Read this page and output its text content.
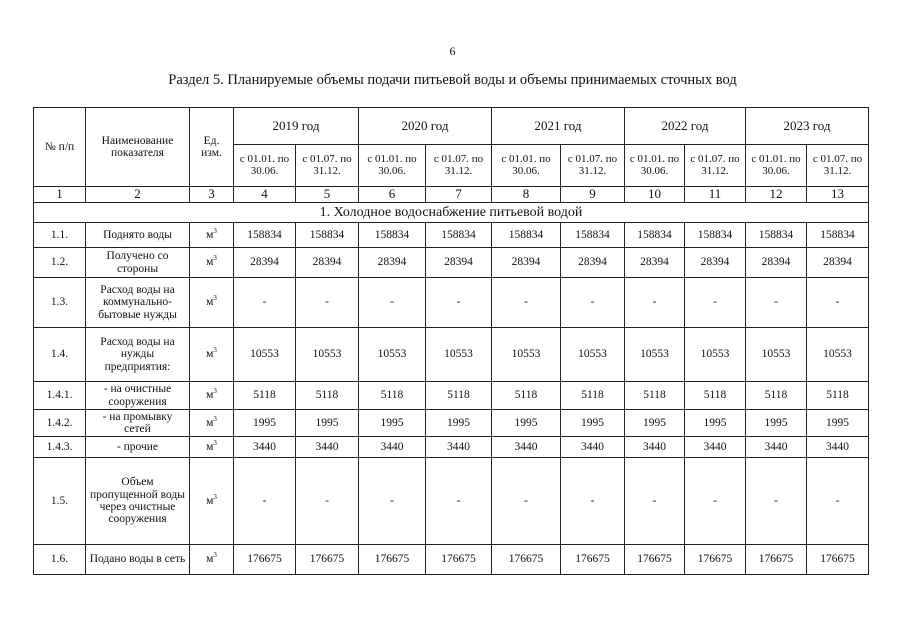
6
Раздел 5. Планируемые объемы подачи питьевой воды и объемы принимаемых сточных вод
№ п/п	Наименование показателя	Ед. изм.	2019 год		2020 год		2021 год		2022 год		2023 год	
			с 01.01. по 30.06.	с 01.07. по 31.12.	с 01.01. по 30.06.	с 01.07. по 31.12.	с 01.01. по 30.06.	с 01.07. по 31.12.	с 01.01. по 30.06.	с 01.07. по 31.12.	с 01.01. по 30.06.	с 01.07. по 31.12.
1	2	3	4	5	6	7	8	9	10	11	12	13
1. Холодное водоснабжение питьевой водой												
1.1.	Поднято воды	$м^3$	158834	158834	158834	158834	158834	158834	158834	158834	158834	158834
1.2.	Получено со стороны	$м^3$	28394	28394	28394	28394	28394	28394	28394	28394	28394	28394
1.3.	Расход воды на коммунально-бытовые нужды	$м^3$	-	-	-	-	-	-	-	-	-	-
1.4.	Расход воды на нужды предприятия:	$м^3$	10553	10553	10553	10553	10553	10553	10553	10553	10553	10553
1.4.1.	- на очистные сооружения	$м^3$	5118	5118	5118	5118	5118	5118	5118	5118	5118	5118
1.4.2.	- на промывку сетей	$м^3$	1995	1995	1995	1995	1995	1995	1995	1995	1995	1995
1.4.3.	- прочие	$м^3$	3440	3440	3440	3440	3440	3440	3440	3440	3440	3440
1.5.	Объем пропущенной воды через очистные сооружения	$м^3$	-	-	-	-	-	-	-	-	-	-
1.6.	Подано воды в сеть	$м^3$	176675	176675	176675	176675	176675	176675	176675	176675	176675	176675
